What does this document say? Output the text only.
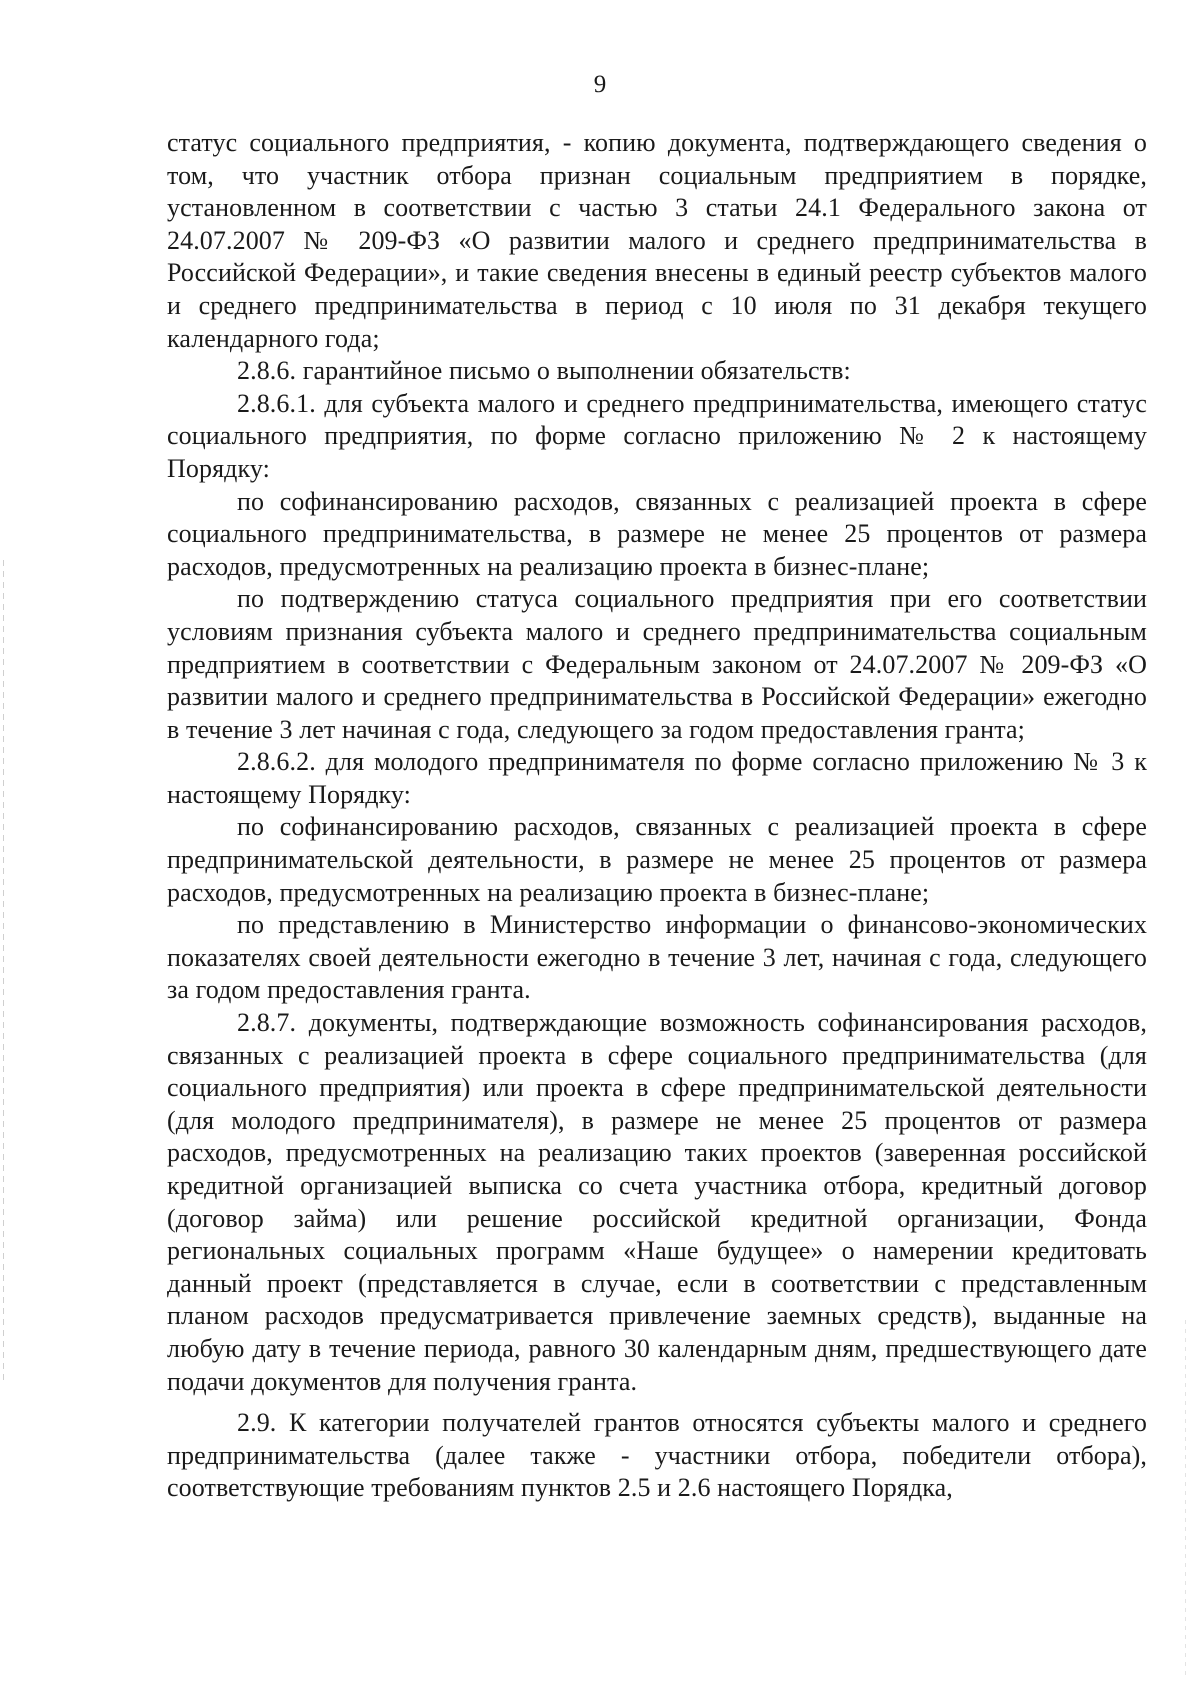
9

статус социального предприятия, - копию документа, подтверждающего сведения о том, что участник отбора признан социальным предприятием в порядке, установленном в соответствии с частью 3 статьи 24.1 Федерального закона от 24.07.2007 № 209-ФЗ «О развитии малого и среднего предпринимательства в Российской Федерации», и такие сведения внесены в единый реестр субъектов малого и среднего предпринимательства в период с 10 июля по 31 декабря текущего календарного года;

2.8.6. гарантийное письмо о выполнении обязательств:

2.8.6.1. для субъекта малого и среднего предпринимательства, имеющего статус социального предприятия, по форме согласно приложению № 2 к настоящему Порядку:

по софинансированию расходов, связанных с реализацией проекта в сфере социального предпринимательства, в размере не менее 25 процентов от размера расходов, предусмотренных на реализацию проекта в бизнес-плане;

по подтверждению статуса социального предприятия при его соответствии условиям признания субъекта малого и среднего предпринимательства социальным предприятием в соответствии с Федеральным законом от 24.07.2007 № 209-ФЗ «О развитии малого и среднего предпринимательства в Российской Федерации» ежегодно в течение 3 лет начиная с года, следующего за годом предоставления гранта;

2.8.6.2. для молодого предпринимателя по форме согласно приложению № 3 к настоящему Порядку:

по софинансированию расходов, связанных с реализацией проекта в сфере предпринимательской деятельности, в размере не менее 25 процентов от размера расходов, предусмотренных на реализацию проекта в бизнес-плане;

по представлению в Министерство информации о финансово-экономических показателях своей деятельности ежегодно в течение 3 лет, начиная с года, следующего за годом предоставления гранта.

2.8.7. документы, подтверждающие возможность софинансирования расходов, связанных с реализацией проекта в сфере социального предпринимательства (для социального предприятия) или проекта в сфере предпринимательской деятельности (для молодого предпринимателя), в размере не менее 25 процентов от размера расходов, предусмотренных на реализацию таких проектов (заверенная российской кредитной организацией выписка со счета участника отбора, кредитный договор (договор займа) или решение российской кредитной организации, Фонда региональных социальных программ «Наше будущее» о намерении кредитовать данный проект (представляется в случае, если в соответствии с представленным планом расходов предусматривается привлечение заемных средств), выданные на любую дату в течение периода, равного 30 календарным дням, предшествующего дате подачи документов для получения гранта.

2.9. К категории получателей грантов относятся субъекты малого и среднего предпринимательства (далее также - участники отбора, победители отбора), соответствующие требованиям пунктов 2.5 и 2.6 настоящего Порядка,
